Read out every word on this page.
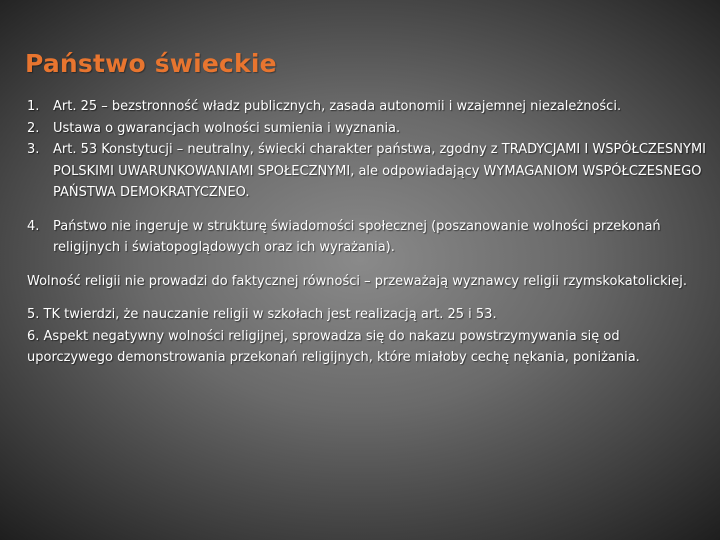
Państwo świeckie
1.	Art. 25 – bezstronność władz publicznych, zasada autonomii i wzajemnej niezależności.
2.	Ustawa o gwarancjach wolności sumienia i wyznania.
3.	Art. 53 Konstytucji – neutralny, świecki charakter państwa, zgodny z TRADYCJAMI I WSPÓŁCZESNYMI POLSKIMI UWARUNKOWANIAMI SPOŁECZNYMI, ale odpowiadający WYMAGANIOM WSPÓŁCZESNEGO PAŃSTWA DEMOKRATYCZNEO.
4.	Państwo nie ingeruje w strukturę świadomości społecznej (poszanowanie wolności przekonań religijnych i światopoglądowych oraz ich wyrażania).

Wolność religii nie prowadzi do faktycznej równości – przeważają wyznawcy religii rzymskokatolickiej.

5. TK twierdzi, że nauczanie religii w szkołach jest realizacją art. 25 i 53.

6. Aspekt negatywny wolności religijnej, sprowadza się do nakazu powstrzymywania się od uporczywego demonstrowania przekonań religijnych, które miałoby cechę nękania, poniżania.
